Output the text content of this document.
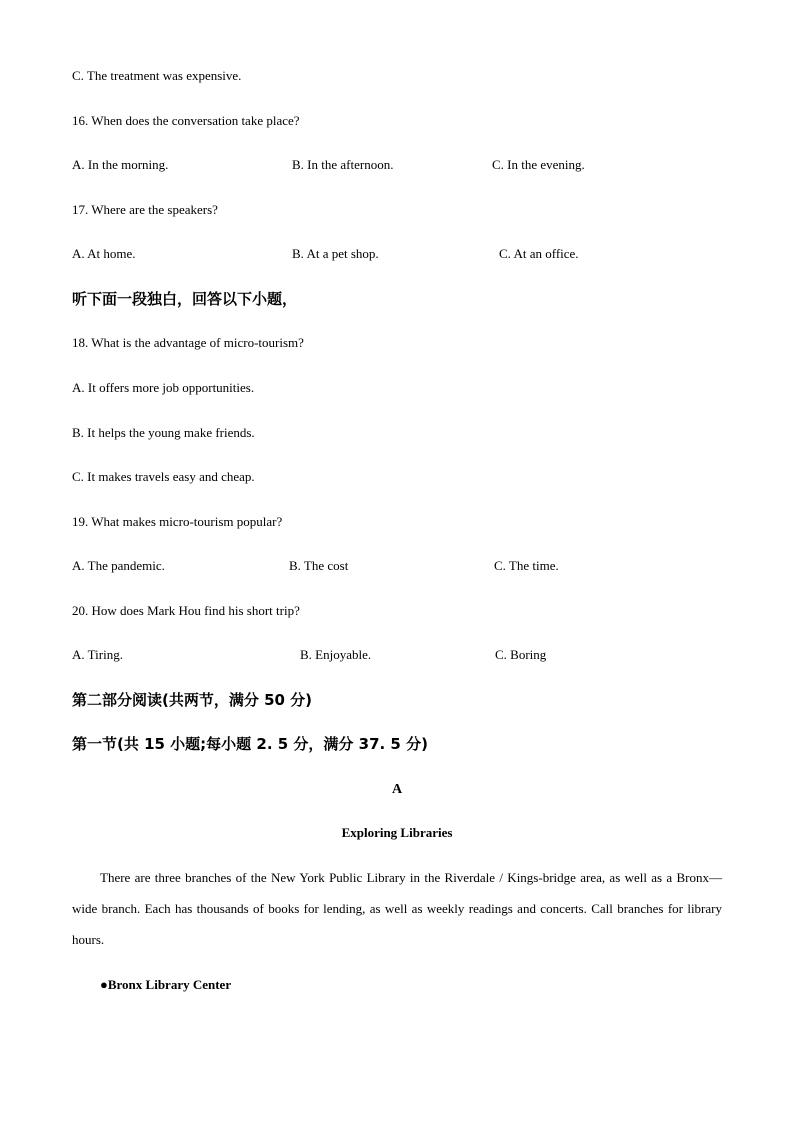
C. The treatment was expensive.
16. When does the conversation take place?
A. In the morning.	B. In the afternoon.	C. In the evening.
17. Where are the speakers?
A. At home.	B. At a pet shop.	C. At an office.
听下面一段独白，回答以下小题，
18. What is the advantage of micro-tourism?
A. It offers more job opportunities.
B. It helps the young make friends.
C. It makes travels easy and cheap.
19. What makes micro-tourism popular?
A. The pandemic.	B. The cost	C. The time.
20. How does Mark Hou find his short trip?
A. Tiring.	B. Enjoyable.	C. Boring
第二部分阅读(共两节，满分 50 分)
第一节(共 15 小题;每小题 2. 5 分，满分 37. 5 分)
A
Exploring Libraries
There are three branches of the New York Public Library in the Riverdale / Kings-bridge area, as well as a Bronx—wide branch. Each has thousands of books for lending, as well as weekly readings and concerts. Call branches for library hours.
●Bronx Library Center
